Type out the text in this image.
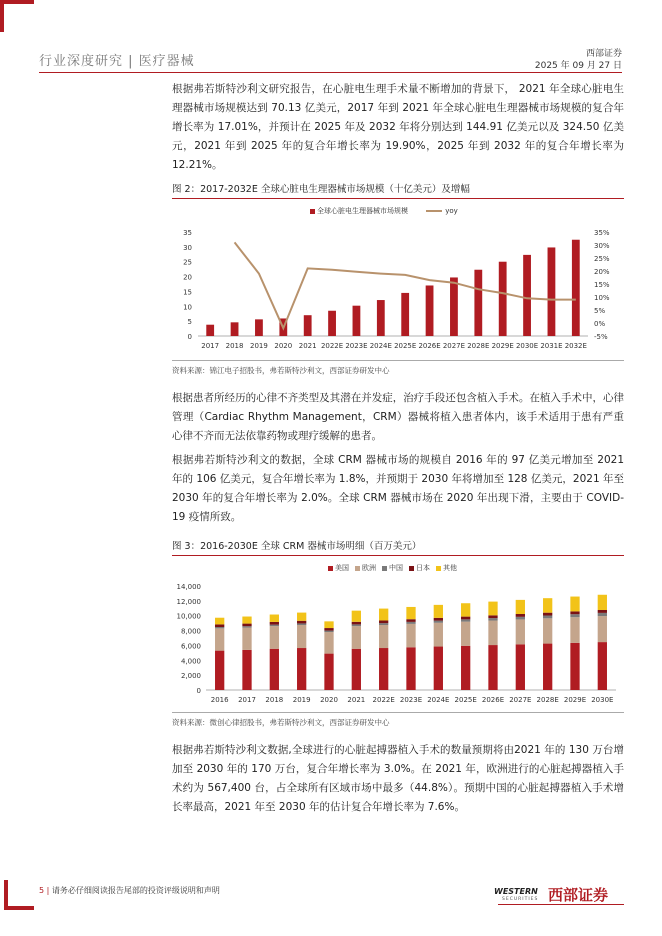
行业深度研究 | 医疗器械	西部证券
2025 年 09 月 27 日
根据弗若斯特沙利文研究报告，在心脏电生理手术量不断增加的背景下， 2021 年全球心脏电生理器械市场规模达到 70.13 亿美元，2017 年到 2021 年全球心脏电生理器械市场规模的复合年增长率为 17.01%，并预计在 2025 年及 2032 年将分别达到 144.91 亿美元以及 324.50 亿美元，2021 年到 2025 年的复合年增长率为 19.90%，2025 年到 2032 年的复合年增长率为 12.21%。
图 2：2017-2032E 全球心脏电生理器械市场规模（十亿美元）及增幅
全球心脏电生理器械市场规模	yoy
0
5
10
15
20
25
30
35
-5%
0%
5%
10%
15%
20%
25%
30%
35%
2017 2018 2019 2020 2021 2022E 2023E 2024E 2025E 2026E 2027E 2028E 2029E 2030E 2031E 2032E
资料来源：锦江电子招股书，弗若斯特沙利文，西部证券研发中心
根据患者所经历的心律不齐类型及其潜在并发症，治疗手段还包含植入手术。在植入手术中，心律管理（Cardiac Rhythm Management，CRM）器械将植入患者体内，该手术适用于患有严重心律不齐而无法依靠药物或理疗缓解的患者。
根据弗若斯特沙利文的数据，全球 CRM 器械市场的规模自 2016 年的 97 亿美元增加至 2021 年的 106 亿美元，复合年增长率为 1.8%，并预期于 2030 年将增加至 128 亿美元，2021 年至 2030 年的复合年增长率为 2.0%。全球 CRM 器械市场在 2020 年出现下滑，主要由于 COVID-19 疫情所致。
图 3：2016-2030E 全球 CRM 器械市场明细（百万美元）
美国 欧洲 中国 日本 其他
0
2,000
4,000
6,000
8,000
10,000
12,000
14,000
2016 2017 2018 2019 2020 2021 2022E 2023E 2024E 2025E 2026E 2027E 2028E 2029E 2030E
资料来源：微创心律招股书，弗若斯特沙利文，西部证券研发中心
根据弗若斯特沙利文数据,全球进行的心脏起搏器植入手术的数量预期将由2021 年的 130 万台增加至 2030 年的 170 万台，复合年增长率为 3.0%。在 2021 年，欧洲进行的心脏起搏器植入手术约为 567,400 台，占全球所有区域市场中最多（44.8%）。预期中国的心脏起搏器植入手术增长率最高，2021 年至 2030 年的估计复合年增长率为 7.6%。
5 | 请务必仔细阅读报告尾部的投资评级说明和声明	WESTERN
SECURITIES 西部证券
